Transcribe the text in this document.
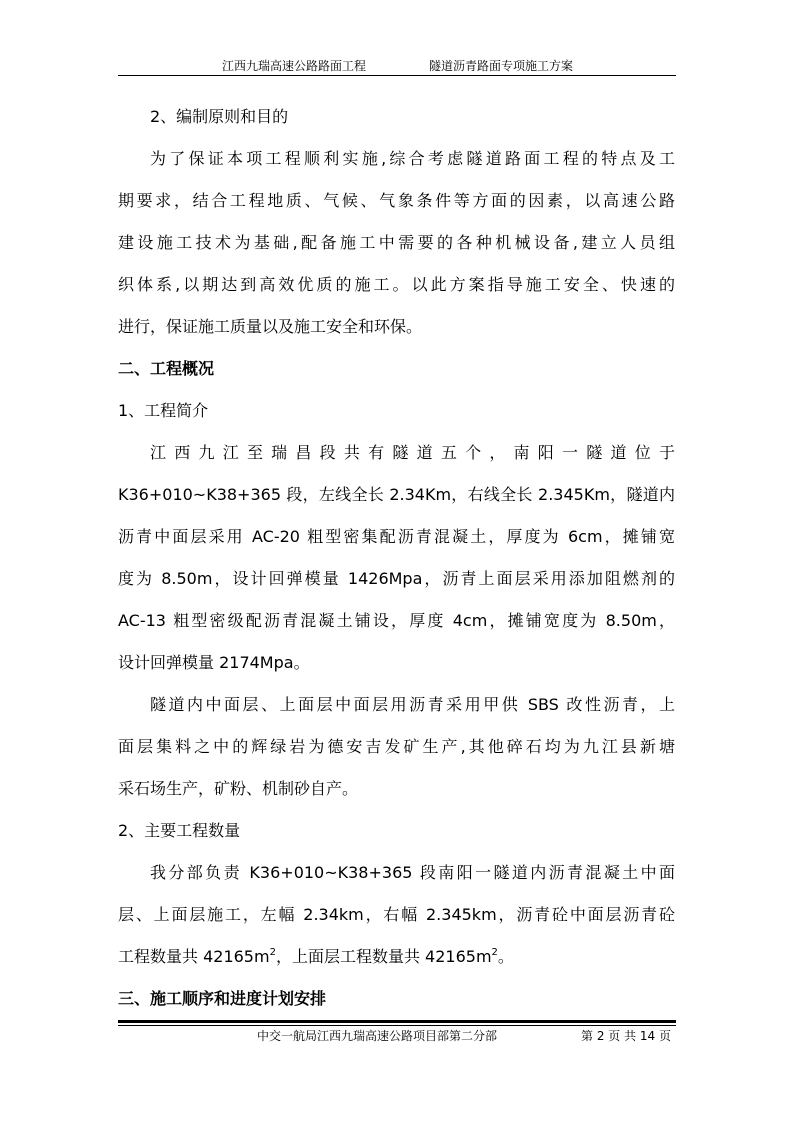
江西九瑞高速公路路面工程	隧道沥青路面专项施工方案
2、编制原则和目的
为了保证本项工程顺利实施,综合考虑隧道路面工程的特点及工
期要求，结合工程地质、气候、气象条件等方面的因素，以高速公路
建设施工技术为基础,配备施工中需要的各种机械设备,建立人员组
织体系,以期达到高效优质的施工。以此方案指导施工安全、快速的
进行，保证施工质量以及施工安全和环保。
二、工程概况
1、工程简介
江西九江至瑞昌段共有隧道五个，南阳一隧道位于
K36+010~K38+365 段，左线全长 2.34Km，右线全长 2.345Km，隧道内
沥青中面层采用 AC-20 粗型密集配沥青混凝土，厚度为 6cm，摊铺宽
度为 8.50m，设计回弹模量 1426Mpa，沥青上面层采用添加阻燃剂的
AC-13 粗型密级配沥青混凝土铺设，厚度 4cm，摊铺宽度为 8.50m，
设计回弹模量 2174Mpa。
隧道内中面层、上面层中面层用沥青采用甲供 SBS 改性沥青，上
面层集料之中的辉绿岩为德安吉发矿生产,其他碎石均为九江县新塘
采石场生产，矿粉、机制砂自产。
2、主要工程数量
我分部负责 K36+010~K38+365 段南阳一隧道内沥青混凝土中面
层、上面层施工，左幅 2.34km，右幅 2.345km，沥青砼中面层沥青砼
工程数量共 $42165m^2$，上面层工程数量共 $42165m^2$。
三、施工顺序和进度计划安排
中交一航局江西九瑞高速公路项目部第二分部	第 2 页 共 14 页
